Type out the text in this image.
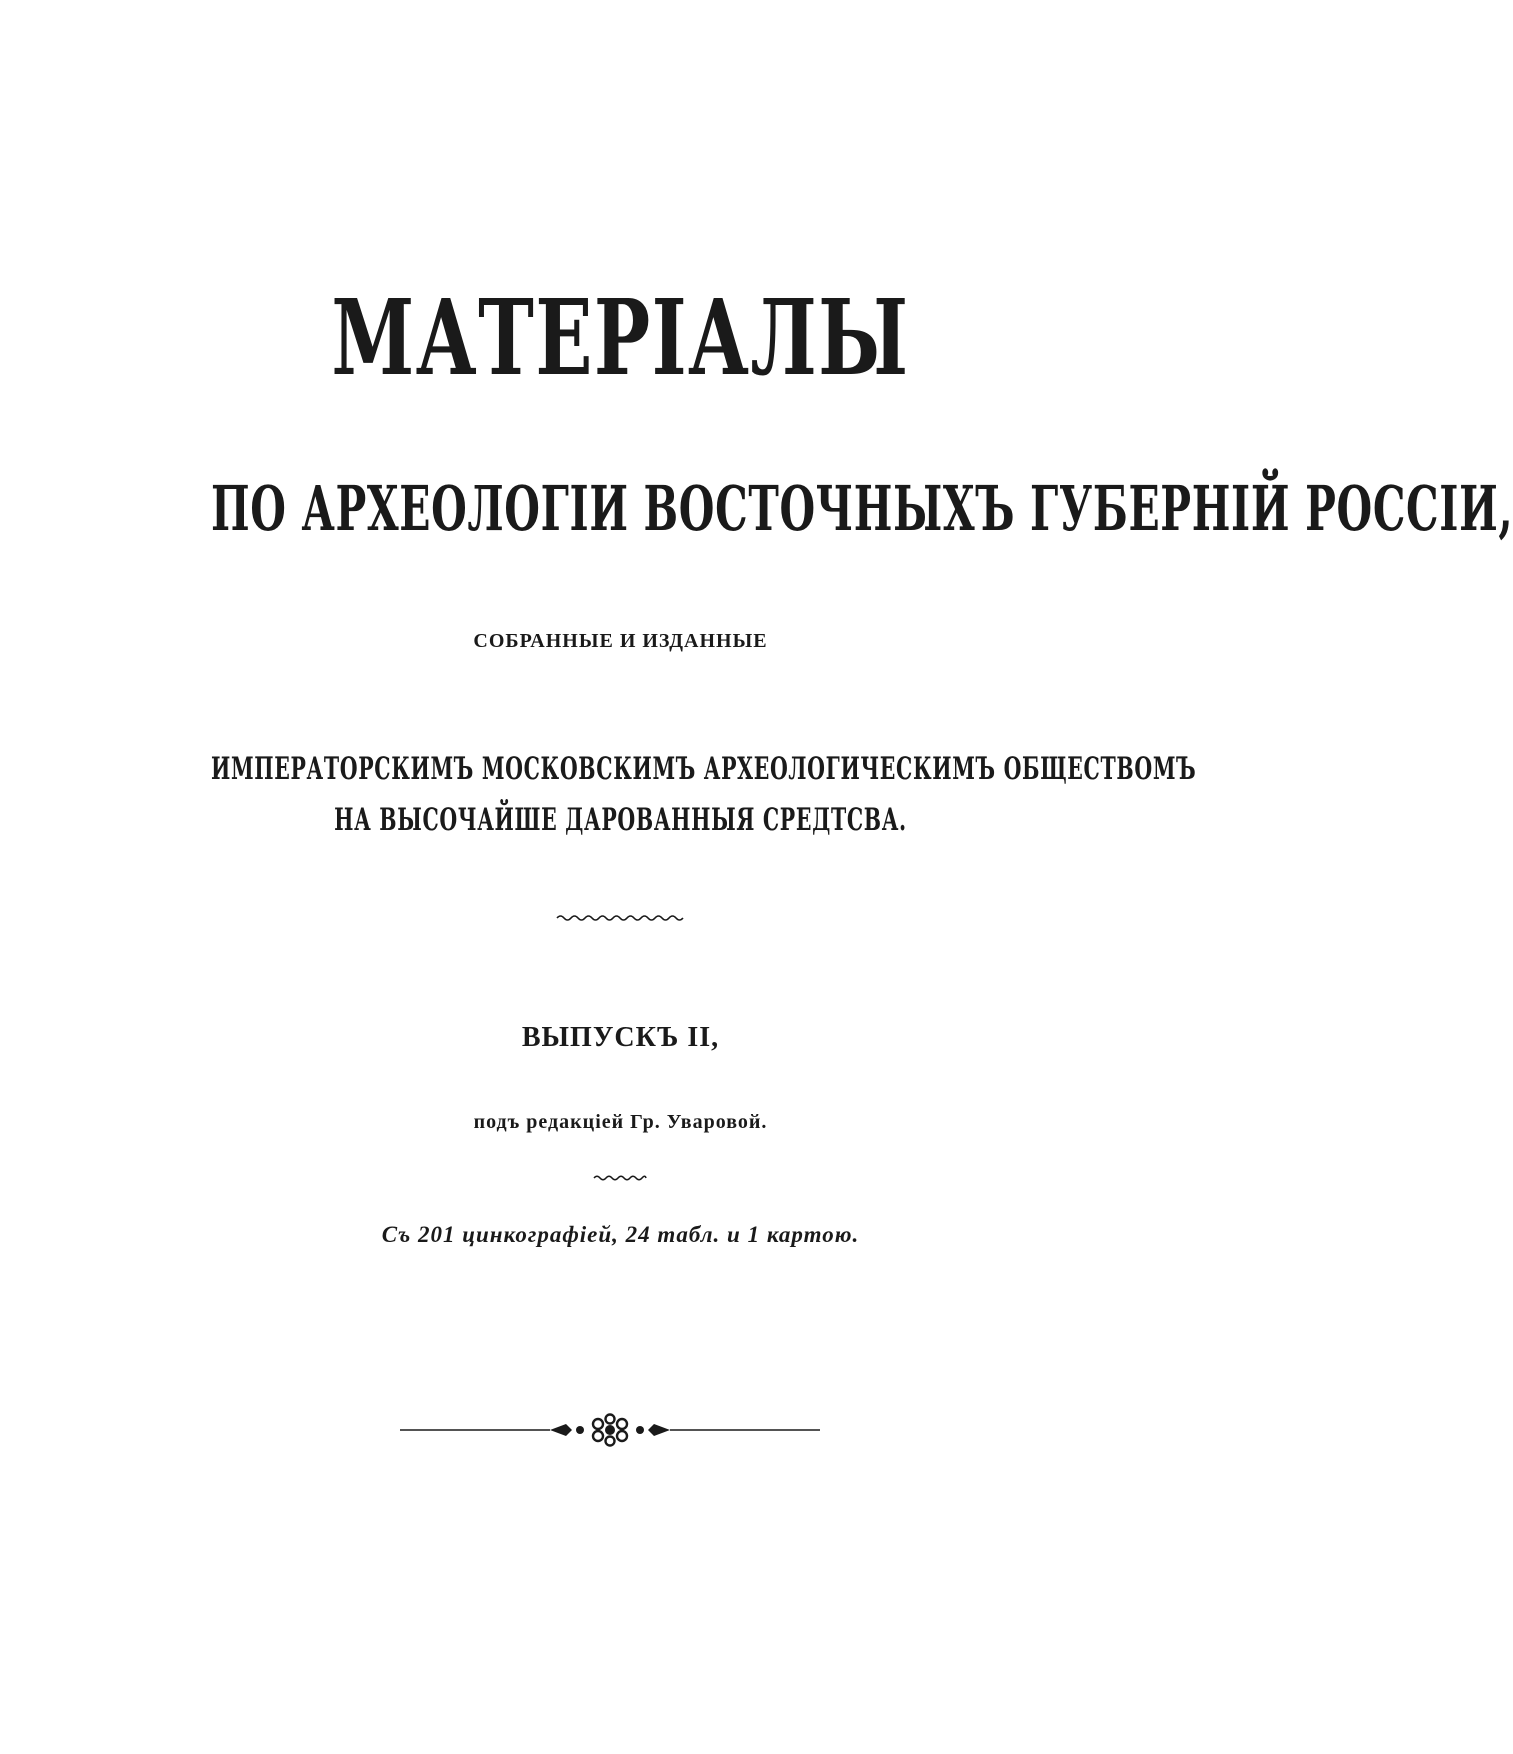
МАТЕРІАЛЫ
ПО АРХЕОЛОГІИ ВОСТОЧНЫХЪ ГУБЕРНІЙ РОССІИ,
СОБРАННЫЕ И ИЗДАННЫЕ
ИМПЕРАТОРСКИМЪ МОСКОВСКИМЪ АРХЕОЛОГИЧЕСКИМЪ ОБЩЕСТВОМЪ
НА ВЫСОЧАЙШЕ ДАРОВАННЫЯ СРЕДТСВА.
ВЫПУСКЪ II,
подъ редакціей Гр. Уваровой.
Съ 201 цинкографіей, 24 табл. и 1 картою.
